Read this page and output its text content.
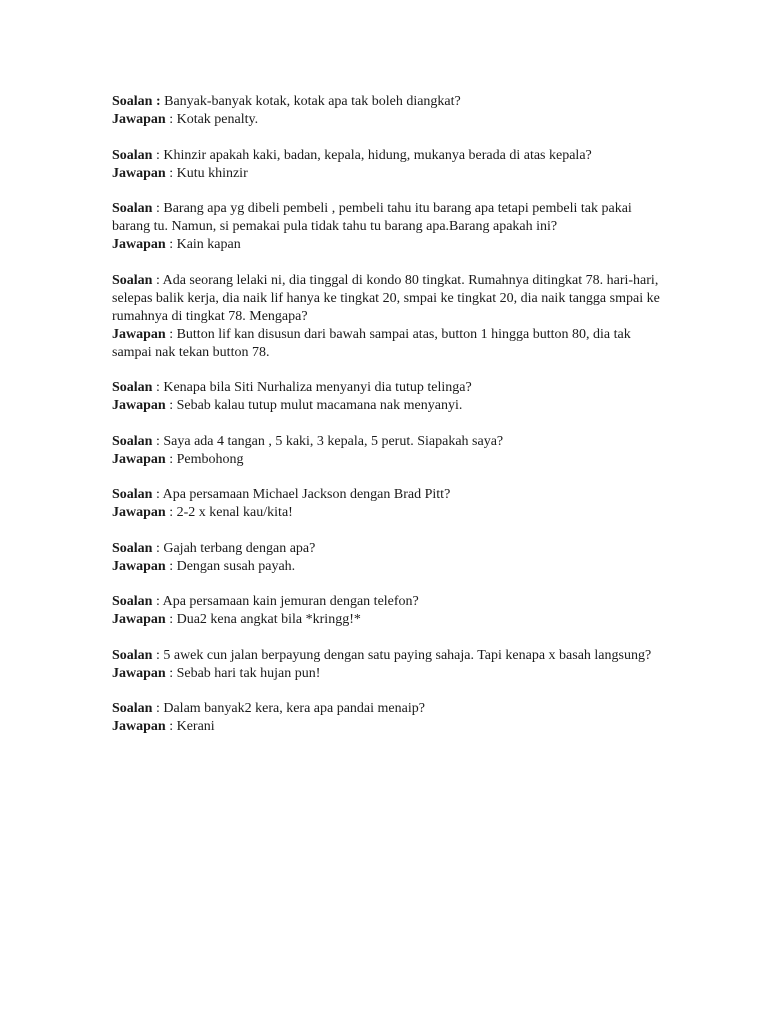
Soalan : Banyak-banyak kotak, kotak apa tak boleh diangkat?
Jawapan : Kotak penalty.
Soalan : Khinzir apakah kaki, badan, kepala, hidung, mukanya berada di atas kepala?
Jawapan : Kutu khinzir
Soalan : Barang apa yg dibeli pembeli , pembeli tahu itu barang apa tetapi pembeli tak pakai barang tu. Namun, si pemakai pula tidak tahu tu barang apa.Barang apakah ini?
Jawapan : Kain kapan
Soalan : Ada seorang lelaki ni, dia tinggal di kondo 80 tingkat. Rumahnya ditingkat 78. hari-hari, selepas balik kerja, dia naik lif hanya ke tingkat 20, smpai ke tingkat 20, dia naik tangga smpai ke rumahnya di tingkat 78. Mengapa?
Jawapan : Button lif kan disusun dari bawah sampai atas, button 1 hingga button 80, dia tak sampai nak tekan button 78.
Soalan : Kenapa bila Siti Nurhaliza menyanyi dia tutup telinga?
Jawapan : Sebab kalau tutup mulut macamana nak menyanyi.
Soalan : Saya ada 4 tangan , 5 kaki, 3 kepala, 5 perut. Siapakah saya?
Jawapan : Pembohong
Soalan : Apa persamaan Michael Jackson dengan Brad Pitt?
Jawapan : 2-2 x kenal kau/kita!
Soalan : Gajah terbang dengan apa?
Jawapan : Dengan susah payah.
Soalan : Apa persamaan kain jemuran dengan telefon?
Jawapan : Dua2 kena angkat bila *kringg!*
Soalan : 5 awek cun jalan berpayung dengan satu paying sahaja. Tapi kenapa x basah langsung?
Jawapan : Sebab hari tak hujan pun!
Soalan : Dalam banyak2 kera, kera apa pandai menaip?
Jawapan : Kerani
